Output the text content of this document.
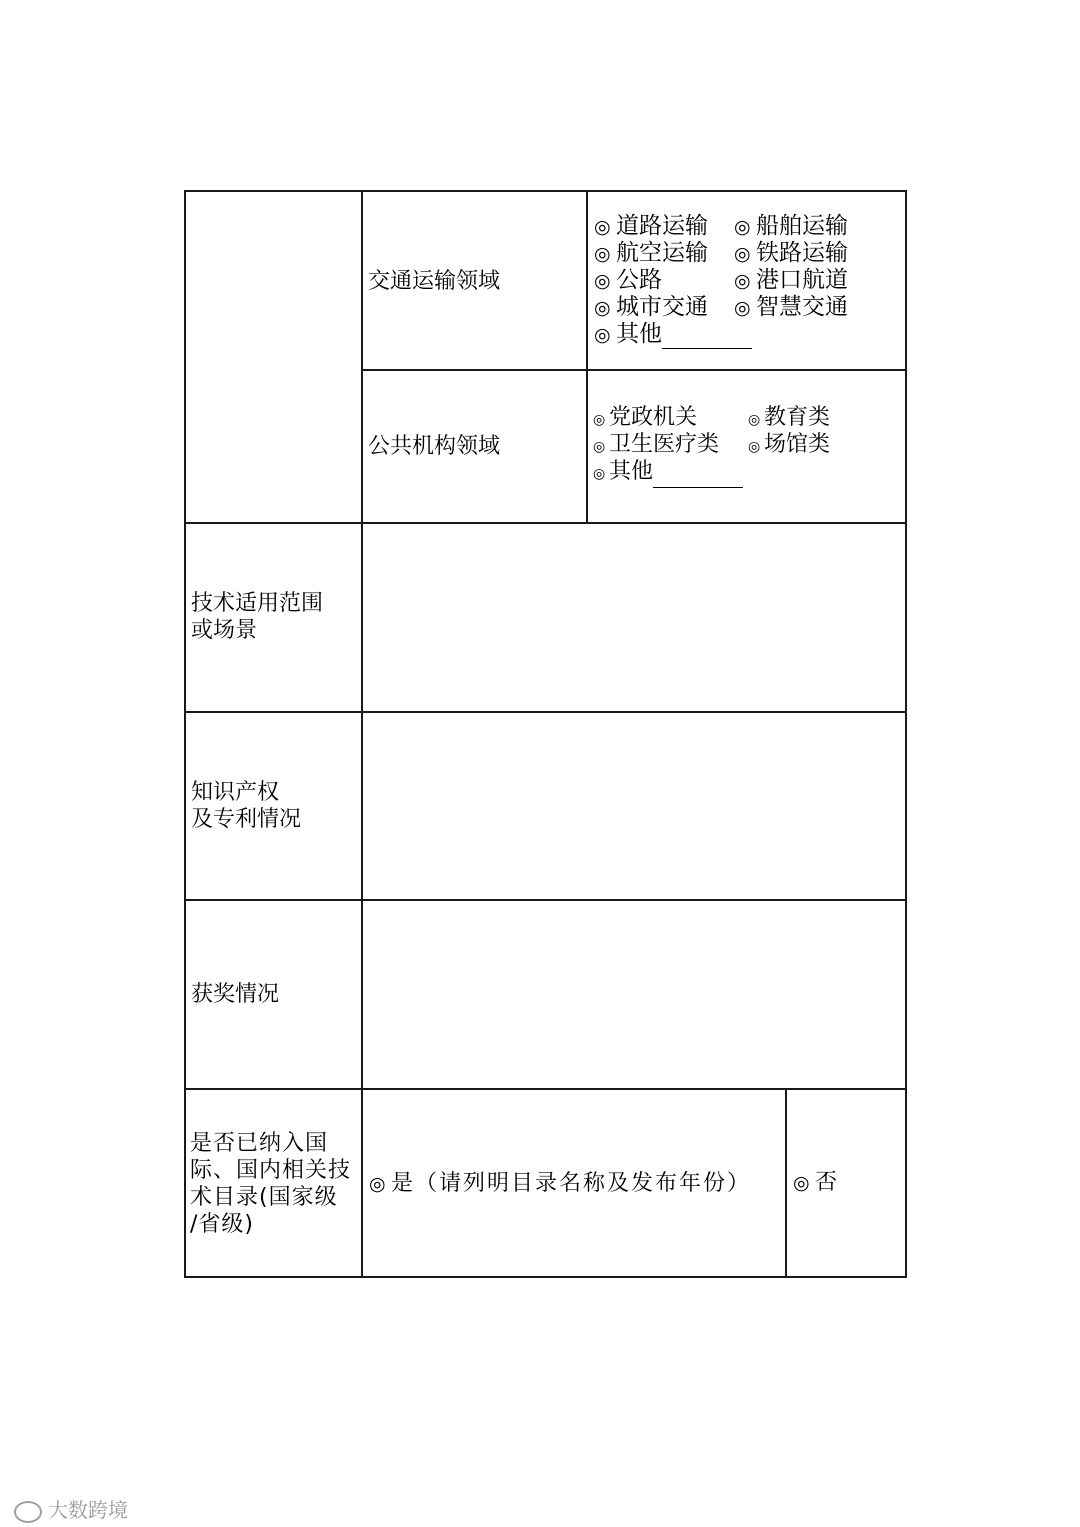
交通运输领域
◎ 道路运输 ◎ 船舶运输
◎ 航空运输 ◎ 铁路运输
◎ 公路	◎ 港口航道
◎ 城市交通 ◎ 智慧交通
◎ 其他
公共机构领域
◎ 党政机关	◎ 教育类
◎ 卫生医疗类 ◎ 场馆类
◎ 其他
技术适用范围
或场景
知识产权
及专利情况
获奖情况
是否已纳入国
际、国内相关技
术目录(国家级
/省级)
◎ 是（请列明目录名称及发布年份） ◎ 否
大数跨境
